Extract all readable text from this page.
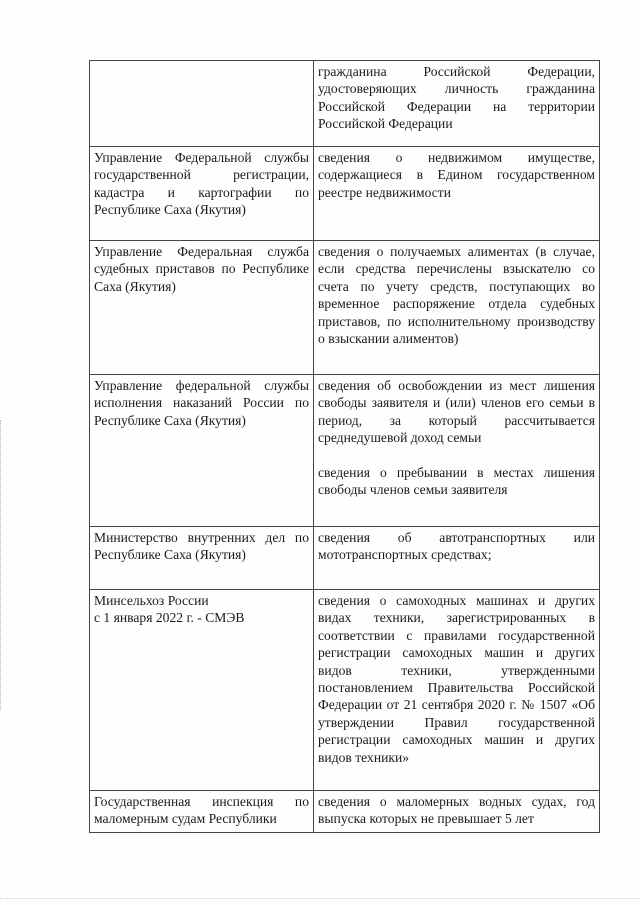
	гражданина Российской Федерации, удостоверяющих личность гражданина Российской Федерации на территории Российской Федерации
Управление Федеральной службы государственной регистрации, кадастра и картографии по Республике Саха (Якутия)	сведения о недвижимом имуществе, содержащиеся в Едином государственном реестре недвижимости
Управление Федеральная служба судебных приставов по Республике Саха (Якутия)	сведения о получаемых алиментах (в случае, если средства перечислены взыскателю со счета по учету средств, поступающих во временное распоряжение отдела судебных приставов, по исполнительному производству о взыскании алиментов)
Управление федеральной службы исполнения наказаний России по Республике Саха (Якутия)	сведения об освобождении из мест лишения свободы заявителя и (или) членов его семьи в период, за который рассчитывается среднедушевой доход семьи
сведения о пребывании в местах лишения свободы членов семьи заявителя

Министерство внутренних дел по Республике Саха (Якутия)	сведения об автотранспортных или мототранспортных средствах;

Минсельхоз России
с 1 января 2022 г. - СМЭВ	сведения о самоходных машинах и других видах техники, зарегистрированных в соответствии с правилами государственной регистрации самоходных машин и других видов техники, утвержденными постановлением Правительства Российской Федерации от 21 сентября 2020 г. № 1507 «Об утверждении Правил государственной регистрации самоходных машин и других видов техники»
Государственная инспекция по маломерным судам Республики	сведения о маломерных водных судах, год выпуска которых не превышает 5 лет
